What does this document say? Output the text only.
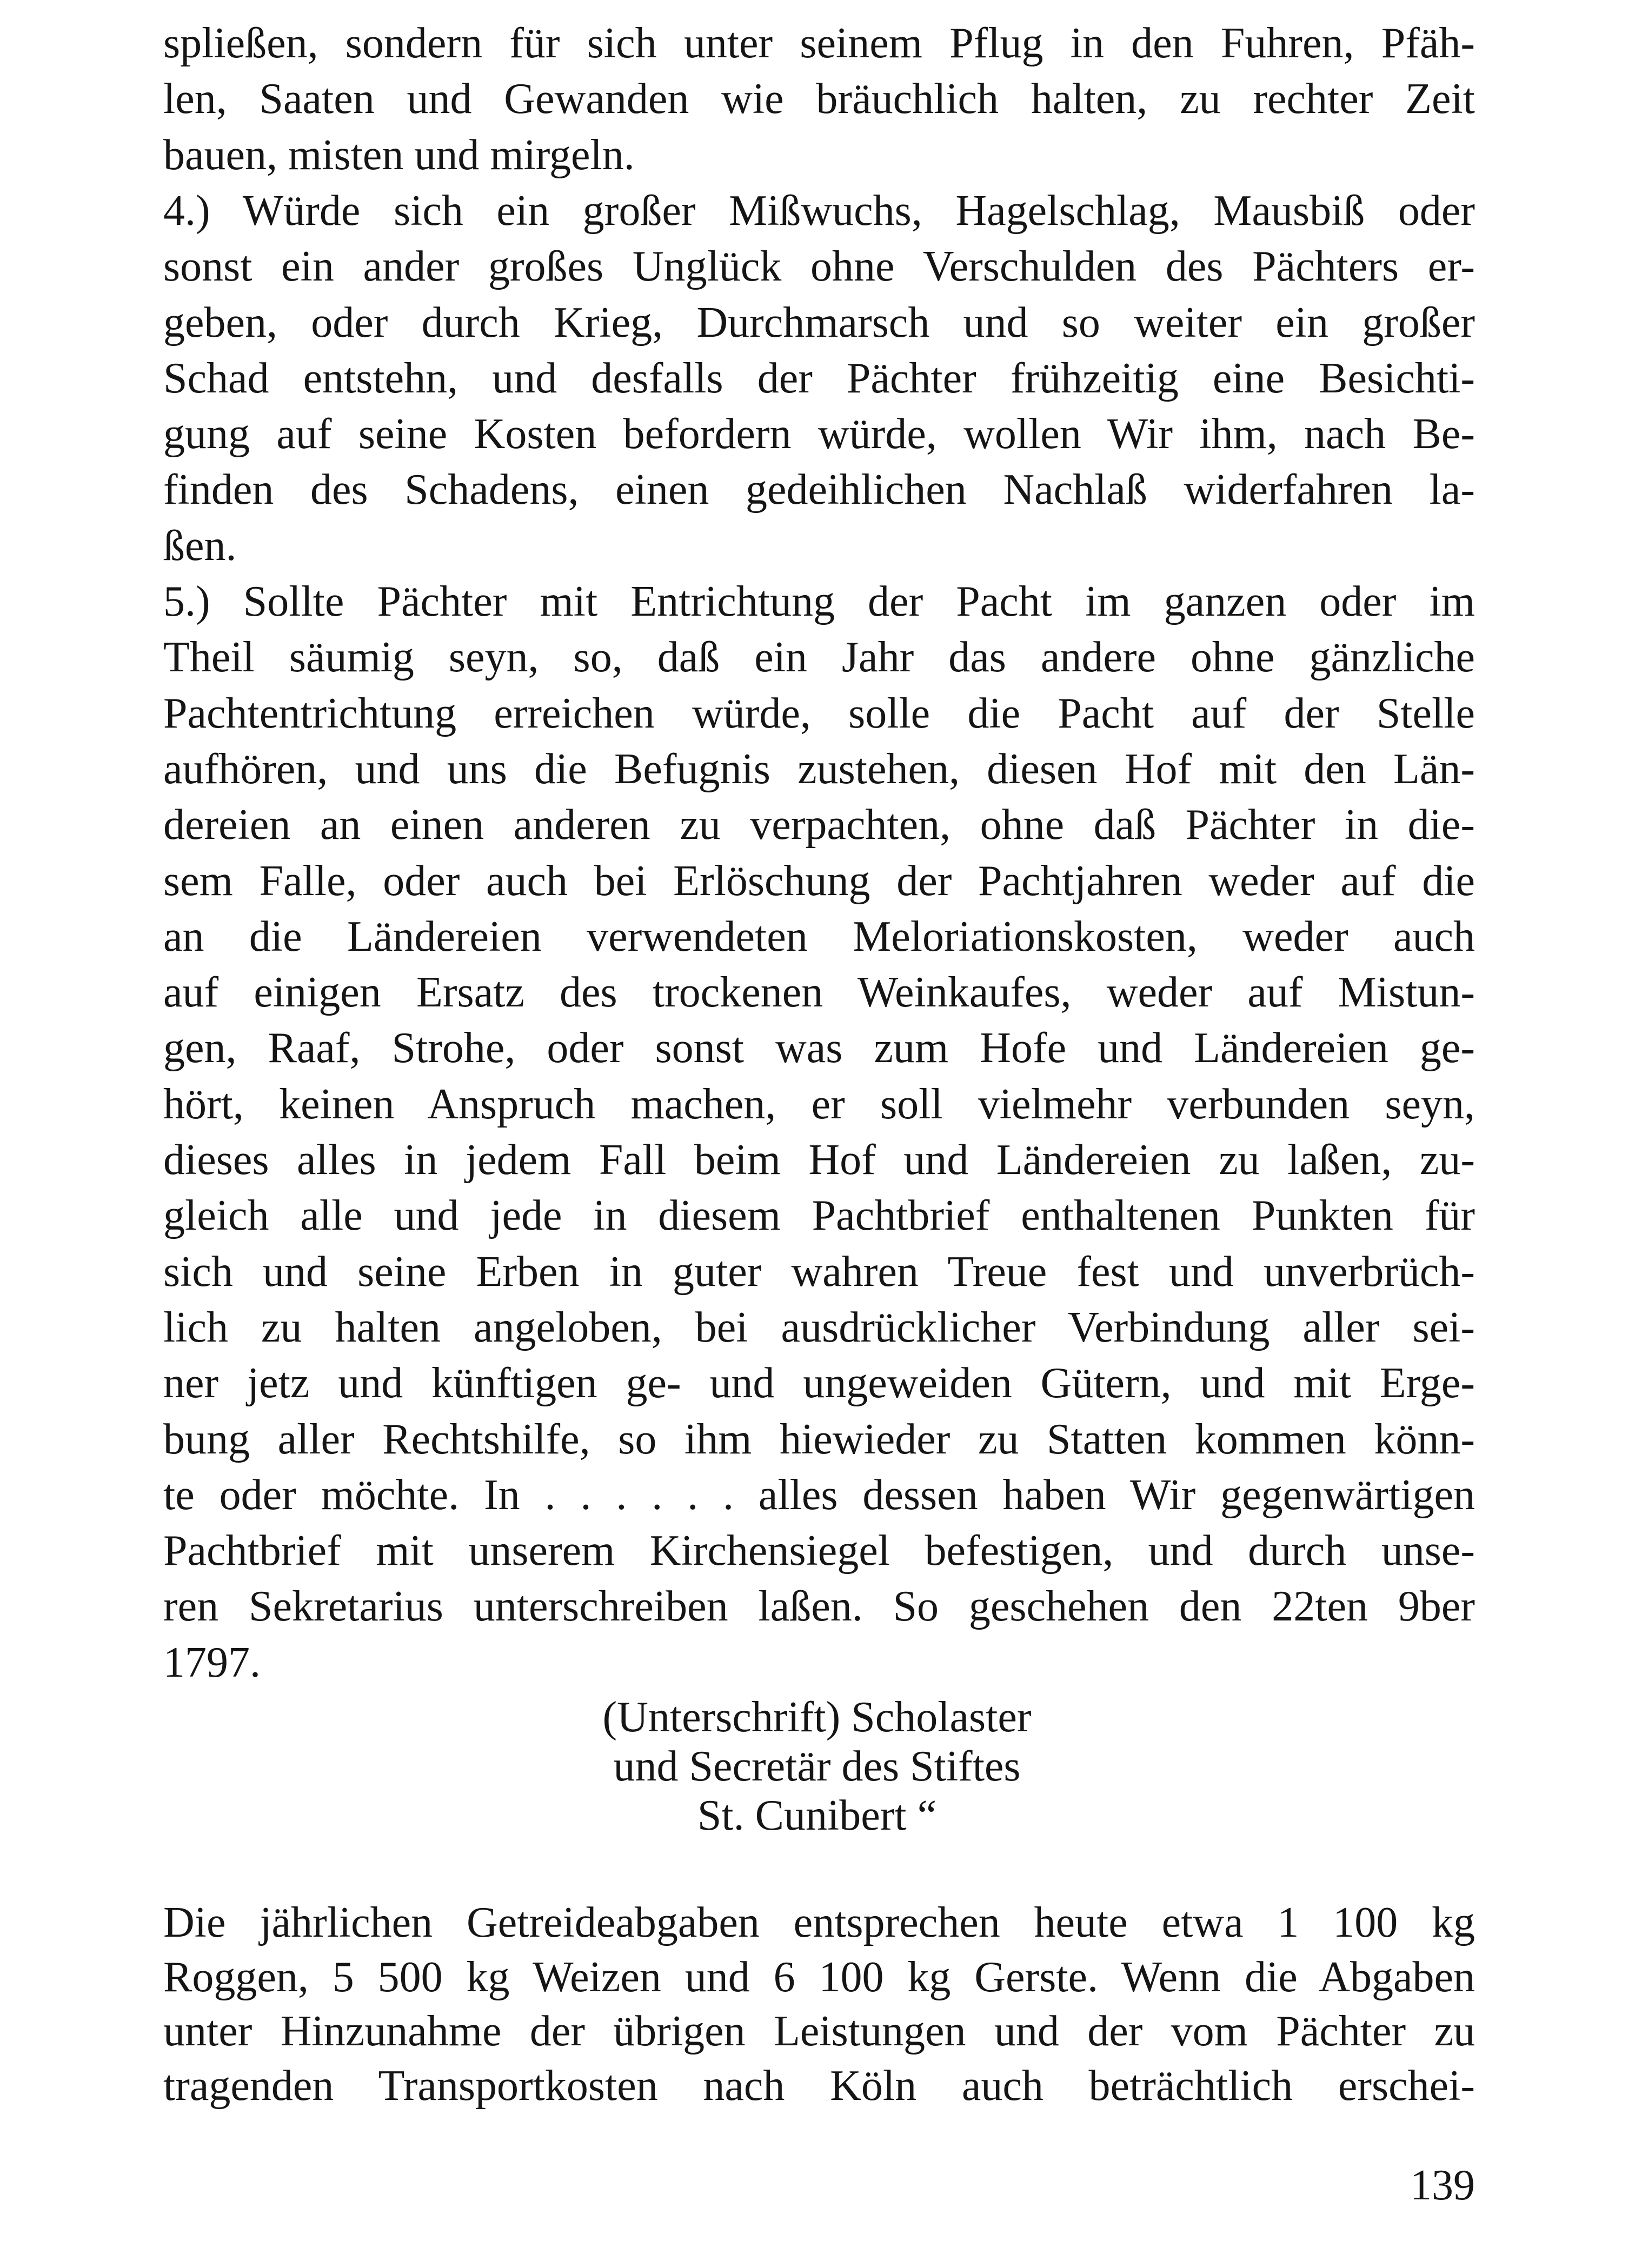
spließen, sondern für sich unter seinem Pflug in den Fuhren, Pfäh-
len, Saaten und Gewanden wie bräuchlich halten, zu rechter Zeit
bauen, misten und mirgeln.
4.) Würde sich ein großer Mißwuchs, Hagelschlag, Mausbiß oder
sonst ein ander großes Unglück ohne Verschulden des Pächters er-
geben, oder durch Krieg, Durchmarsch und so weiter ein großer
Schad entstehn, und desfalls der Pächter frühzeitig eine Besichti-
gung auf seine Kosten befordern würde, wollen Wir ihm, nach Be-
finden des Schadens, einen gedeihlichen Nachlaß widerfahren la-
ßen.
5.) Sollte Pächter mit Entrichtung der Pacht im ganzen oder im
Theil säumig seyn, so, daß ein Jahr das andere ohne gänzliche
Pachtentrichtung erreichen würde, solle die Pacht auf der Stelle
aufhören, und uns die Befugnis zustehen, diesen Hof mit den Län-
dereien an einen anderen zu verpachten, ohne daß Pächter in die-
sem Falle, oder auch bei Erlöschung der Pachtjahren weder auf die
an die Ländereien verwendeten Meloriationskosten, weder auch
auf einigen Ersatz des trockenen Weinkaufes, weder auf Mistun-
gen, Raaf, Strohe, oder sonst was zum Hofe und Ländereien ge-
hört, keinen Anspruch machen, er soll vielmehr verbunden seyn,
dieses alles in jedem Fall beim Hof und Ländereien zu laßen, zu-
gleich alle und jede in diesem Pachtbrief enthaltenen Punkten für
sich und seine Erben in guter wahren Treue fest und unverbrüch-
lich zu halten angeloben, bei ausdrücklicher Verbindung aller sei-
ner jetz und künftigen ge- und ungeweiden Gütern, und mit Erge-
bung aller Rechtshilfe, so ihm hiewieder zu Statten kommen könn-
te oder möchte. In . . . . . . alles dessen haben Wir gegenwärtigen
Pachtbrief mit unserem Kirchensiegel befestigen, und durch unse-
ren Sekretarius unterschreiben laßen. So geschehen den 22ten 9ber
1797.
(Unterschrift) Scholaster
und Secretär des Stiftes
St. Cunibert “
Die jährlichen Getreideabgaben entsprechen heute etwa 1 100 kg
Roggen, 5 500 kg Weizen und 6 100 kg Gerste. Wenn die Abgaben
unter Hinzunahme der übrigen Leistungen und der vom Pächter zu
tragenden Transportkosten nach Köln auch beträchtlich erschei-
139
